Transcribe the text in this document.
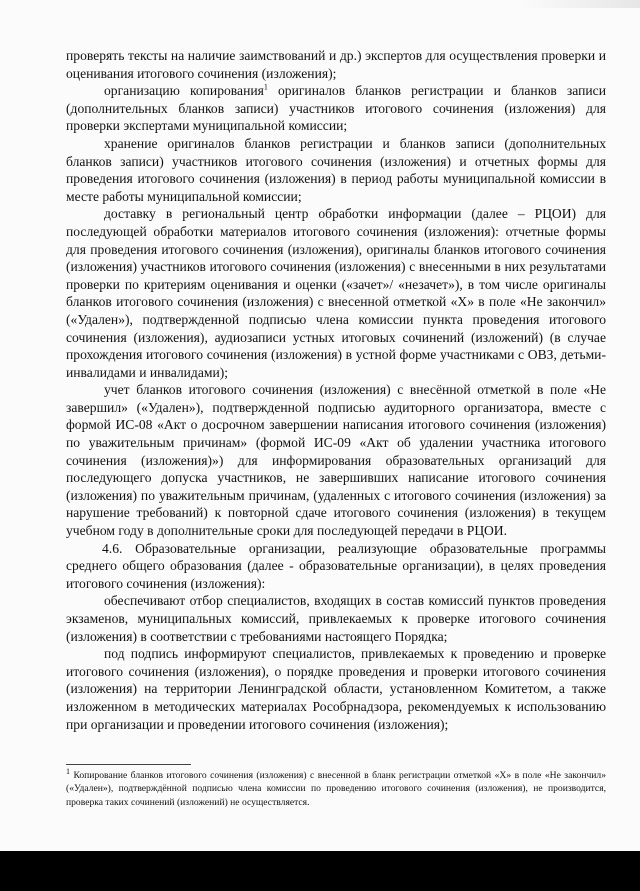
проверять тексты на наличие заимствований и др.) экспертов для осуществления проверки и оценивания итогового сочинения (изложения);

организацию копирования$^1$ оригиналов бланков регистрации и бланков записи (дополнительных бланков записи) участников итогового сочинения (изложения) для проверки экспертами муниципальной комиссии;

хранение оригиналов бланков регистрации и бланков записи (дополнительных бланков записи) участников итогового сочинения (изложения) и отчетных формы для проведения итогового сочинения (изложения) в период работы муниципальной комиссии в месте работы муниципальной комиссии;

доставку в региональный центр обработки информации (далее – РЦОИ) для последующей обработки материалов итогового сочинения (изложения): отчетные формы для проведения итогового сочинения (изложения), оригиналы бланков итогового сочинения (изложения) участников итогового сочинения (изложения) с внесенными в них результатами проверки по критериям оценивания и оценки («зачет»/ «незачет»), в том числе оригиналы бланков итогового сочинения (изложения) с внесенной отметкой «Х» в поле «Не закончил» («Удален»), подтвержденной подписью члена комиссии пункта проведения итогового сочинения (изложения), аудиозаписи устных итоговых сочинений (изложений) (в случае прохождения итогового сочинения (изложения) в устной форме участниками с ОВЗ, детьми-инвалидами и инвалидами);

учет бланков итогового сочинения (изложения) с внесённой отметкой в поле «Не завершил» («Удален»), подтвержденной подписью аудиторного организатора, вместе с формой ИС-08 «Акт о досрочном завершении написания итогового сочинения (изложения) по уважительным причинам» (формой ИС-09 «Акт об удалении участника итогового сочинения (изложения)») для информирования образовательных организаций для последующего допуска участников, не завершивших написание итогового сочинения (изложения) по уважительным причинам, (удаленных с итогового сочинения (изложения) за нарушение требований) к повторной сдаче итогового сочинения (изложения) в текущем учебном году в дополнительные сроки для последующей передачи в РЦОИ.

4.6. Образовательные организации, реализующие образовательные программы среднего общего образования (далее - образовательные организации), в целях проведения итогового сочинения (изложения):

обеспечивают отбор специалистов, входящих в состав комиссий пунктов проведения экзаменов, муниципальных комиссий, привлекаемых к проверке итогового сочинения (изложения) в соответствии с требованиями настоящего Порядка;

под подпись информируют специалистов, привлекаемых к проведению и проверке итогового сочинения (изложения), о порядке проведения и проверки итогового сочинения (изложения) на территории Ленинградской области, установленном Комитетом, а также изложенном в методических материалах Рособрнадзора, рекомендуемых к использованию при организации и проведении итогового сочинения (изложения);

$^1$ Копирование бланков итогового сочинения (изложения) с внесенной в бланк регистрации отметкой «Х» в поле «Не закончил» («Удален»), подтверждённой подписью члена комиссии по проведению итогового сочинения (изложения), не производится, проверка таких сочинений (изложений) не осуществляется.
